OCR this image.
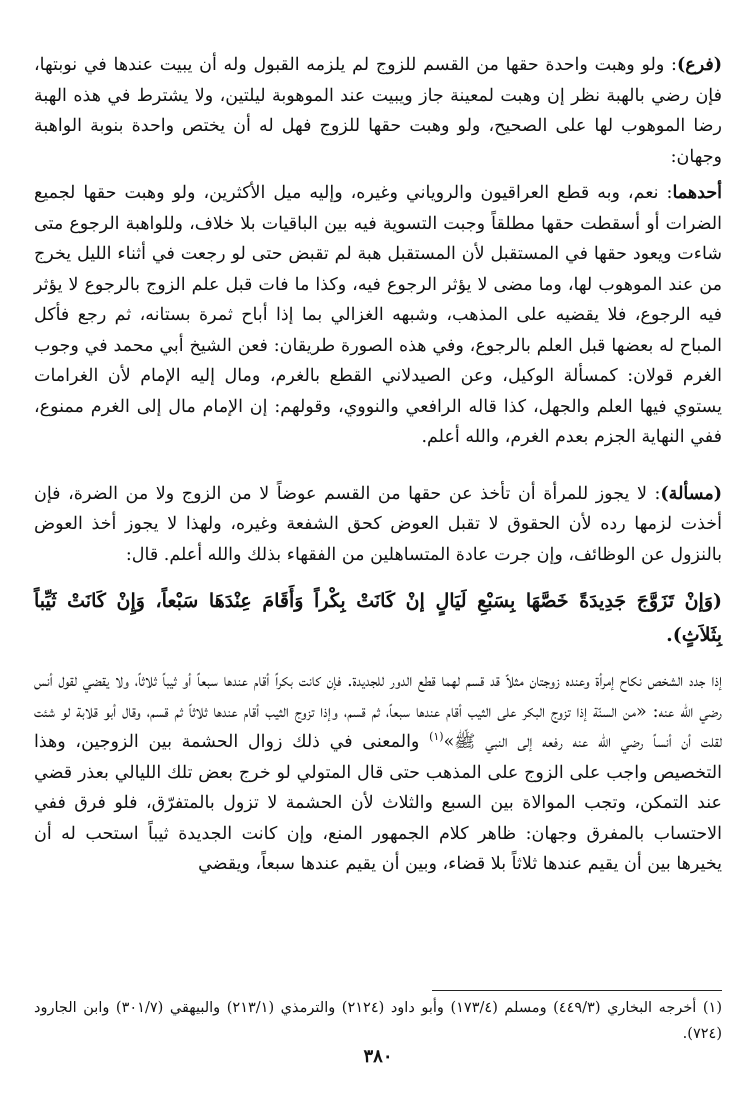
(فرع): ولو وهبت واحدة حقها من القسم للزوج لم يلزمه القبول وله أن يبيت عندها في نوبتها، فإن رضي بالهبة نظر إن وهبت لمعينة جاز ويبيت عند الموهوبة ليلتين، ولا يشترط في هذه الهبة رضا الموهوب لها على الصحيح، ولو وهبت حقها للزوج فهل له أن يختص واحدة بنوبة الواهبة وجهان:

أحدهما: نعم، وبه قطع العراقيون والروياني وغيره، وإليه ميل الأكثرين، ولو وهبت حقها لجميع الضرات أو أسقطت حقها مطلقاً وجبت التسوية فيه بين الباقيات بلا خلاف، وللواهبة الرجوع متى شاءت ويعود حقها في المستقبل لأن المستقبل هبة لم تقبض حتى لو رجعت في أثناء الليل يخرج من عند الموهوب لها، وما مضى لا يؤثر الرجوع فيه، وكذا ما فات قبل علم الزوج بالرجوع لا يؤثر فيه الرجوع، فلا يقضيه على المذهب، وشبهه الغزالي بما إذا أباح ثمرة بستانه، ثم رجع فأكل المباح له بعضها قبل العلم بالرجوع، وفي هذه الصورة طريقان: فعن الشيخ أبي محمد في وجوب الغرم قولان: كمسألة الوكيل، وعن الصيدلاني القطع بالغرم، ومال إليه الإمام لأن الغرامات يستوي فيها العلم والجهل، كذا قاله الرافعي والنووي، وقولهم: إن الإمام مال إلى الغرم ممنوع، ففي النهاية الجزم بعدم الغرم، والله أعلم.

(مسألة): لا يجوز للمرأة أن تأخذ عن حقها من القسم عوضاً لا من الزوج ولا من الضرة، فإن أخذت لزمها رده لأن الحقوق لا تقبل العوض كحق الشفعة وغيره، ولهذا لا يجوز أخذ العوض بالنزول عن الوظائف، وإن جرت عادة المتساهلين من الفقهاء بذلك والله أعلم. قال:

(وَإنْ تَزَوَّجَ جَدِيدَةً خَصَّهَا بِسَبْعِ لَيَالٍ إنْ كَانَتْ بِكْراً وَأَقَامَ عِنْدَهَا سَبْعاً، وَإِنْ كَانَتْ ثَيِّباً بِثَلاَثٍ).

إذا جدد الشخص نكاح إمرأة وعنده زوجتان مثلاً قد قسم لهما قطع الدور للجديدة. فإن كانت بكراً أقام عندها سبعاً أو ثيباً ثلاثاً، ولا يقضي لقول أنس رضي الله عنه: «من السنّة إذا تزوج البكر على الثيب أقام عندها سبعاً، ثم قسم، وإذا تزوج الثيب أقام عندها ثلاثاً ثم قسم، وقال أبو قلابة لو شئت لقلت أن أنساً رضي الله عنه رفعه إلى النبي ﷺ»$^{(١)}$ والمعنى في ذلك زوال الحشمة بين الزوجين، وهذا التخصيص واجب على الزوج على المذهب حتى قال المتولي لو خرج بعض تلك الليالي بعذر قضي عند التمكن، وتجب الموالاة بين السبع والثلاث لأن الحشمة لا تزول بالمتفرّق، فلو فرق ففي الاحتساب بالمفرق وجهان: ظاهر كلام الجمهور المنع، وإن كانت الجديدة ثيباً استحب له أن يخيرها بين أن يقيم عندها ثلاثاً بلا قضاء، وبين أن يقيم عندها سبعاً، ويقضي

(١) أخرجه البخاري (٤٤٩/٣) ومسلم (١٧٣/٤) وأبو داود (٢١٢٤) والترمذي (٢١٣/١) والبيهقي (٣٠١/٧) وابن الجارود (٧٢٤).

٣٨٠
